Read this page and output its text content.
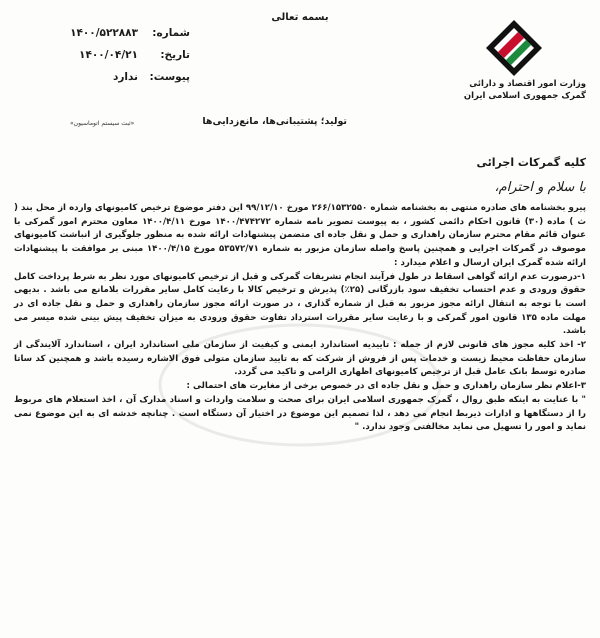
بسمه تعالی
شماره:
۱۴۰۰/۵۲۲۸۸۳
تاریخ:
۱۴۰۰/۰۴/۲۱
پیوست:
ندارد
«ثبت سیستم اتوماسیون»
وزارت امور اقتصاد و دارائی
گمرک جمهوری اسلامی ایران
تولید؛ پشتیبانی‌ها، مانع‌زدایی‌ها
کلیه گمرکات اجرائی
با سلام و احترام،

پیرو بخشنامه های صادره منتهی به بخشنامه شماره ۲۶۶/۱۵۳۲۵۵۰ مورخ ۹۹/۱۲/۱۰ این دفتر موضوع ترخیص کامیونهای وارده از محل بند ( ث ) ماده (۳۰) قانون احکام دائمی کشور ، به پیوست تصویر نامه شماره ۱۴۰۰/۴۷۴۲۷۲ مورخ ۱۴۰۰/۴/۱۱ معاون محترم امور گمرکی با عنوان قائم مقام محترم سازمان راهداری و حمل و نقل جاده ای متضمن پیشنهادات ارائه شده به منظور جلوگیری از انباشت کامیونهای موصوف در گمرکات اجرایی و همچنین پاسخ واصله سازمان مزبور به شماره ۵۳۵۷۲/۷۱ مورخ ۱۴۰۰/۴/۱۵ مبنی بر موافقت با پیشنهادات ارائه شده گمرک ایران ارسال و اعلام میدارد :

۱-درصورت عدم ارائه گواهی اسقاط در طول فرآیند انجام تشریفات گمرکی و قبل از ترخیص کامیونهای مورد نظر به شرط پرداخت کامل حقوق ورودی و عدم احتساب تخفیف سود بازرگانی (۲۵٪) پذیرش و ترخیص کالا با رعایت کامل سایر مقررات بلامانع می باشد . بدیهی است با توجه به انتقال ارائه مجوز مزبور به قبل از شماره گذاری ، در صورت ارائه مجوز سازمان راهداری و حمل و نقل جاده ای در مهلت ماده ۱۳۵ قانون امور گمرکی و با رعایت سایر مقررات استرداد تفاوت حقوق ورودی به میزان تخفیف پیش بینی شده میسر می باشد.

۲- اخذ کلیه مجوز های قانونی لازم از جمله : تاییدیه استاندارد ایمنی و کیفیت از سازمان ملی استاندارد ایران ، استاندارد آلایندگی از سازمان حفاظت محیط زیست و خدمات پس از فروش از شرکت که به تایید سازمان متولی فوق الاشاره رسیده باشد و همچنین کد ساتا صادره توسط بانک عامل قبل از ترخیص کامیونهای اظهاری الزامی و تاکید می گردد.

۳-اعلام نظر سازمان راهداری و حمل و نقل جاده ای در خصوص برخی از مغایرت های احتمالی :

" با عنایت به اینکه طبق روال ، گمرک جمهوری اسلامی ایران برای صحت و سلامت واردات و اسناد مدارک آن ، اخذ استعلام های مربوط را از دستگاهها و ادارات ذیربط انجام می دهد ، لذا تصمیم این موضوع در اختیار آن دستگاه است . چنانچه خدشه ای به این موضوع نمی نماید و امور را تسهیل می نماید مخالفتی وجود ندارد. "
